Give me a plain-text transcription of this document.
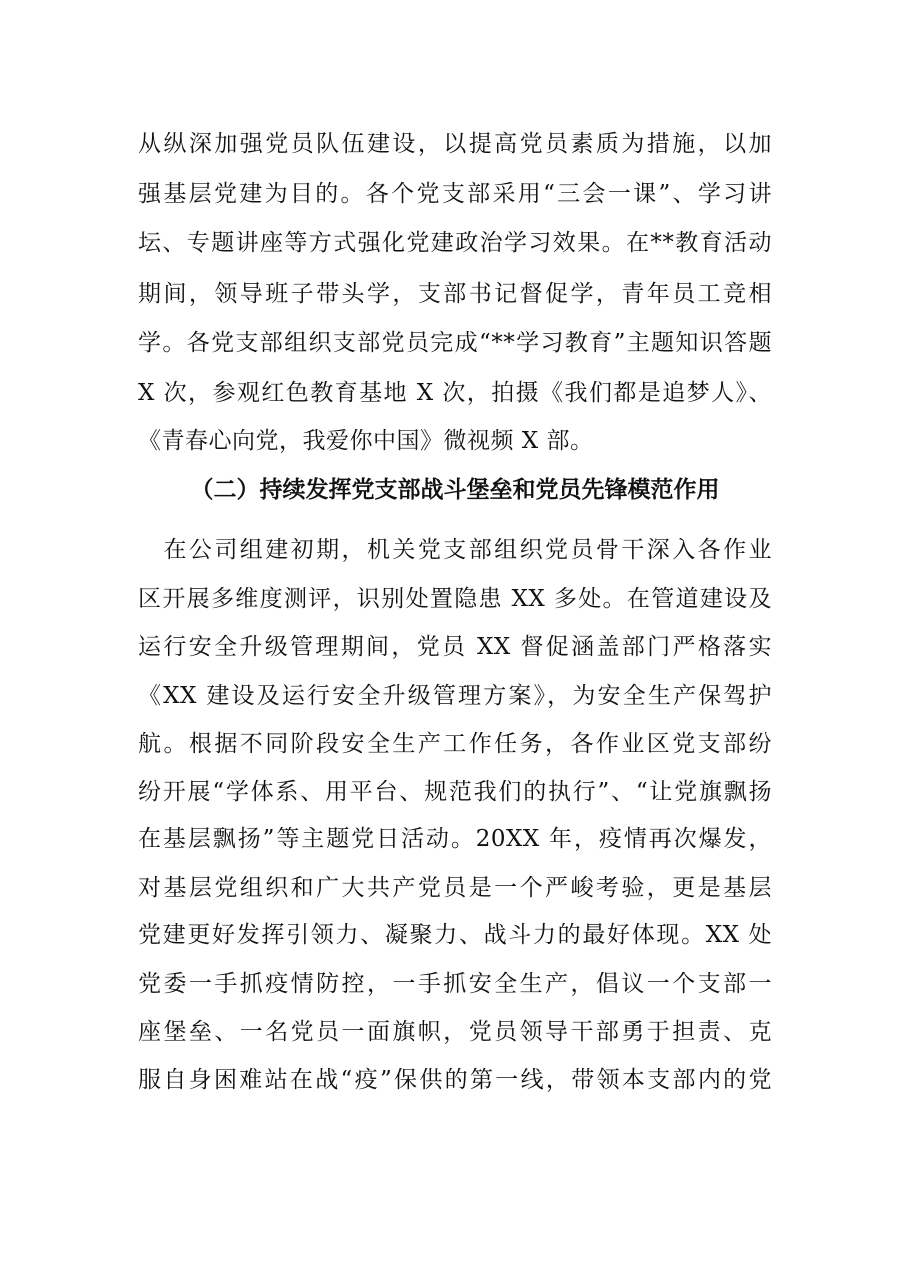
从纵深加强党员队伍建设，以提高党员素质为措施，以加
强基层党建为目的。各个党支部采用“三会一课”、学习讲
坛、专题讲座等方式强化党建政治学习效果。在**教育活动
期间，领导班子带头学，支部书记督促学，青年员工竞相
学。各党支部组织支部党员完成“**学习教育”主题知识答题
X 次，参观红色教育基地 X 次，拍摄《我们都是追梦人》、
《青春心向党，我爱你中国》微视频 X 部。
（二）持续发挥党支部战斗堡垒和党员先锋模范作用
　在公司组建初期，机关党支部组织党员骨干深入各作业
区开展多维度测评，识别处置隐患 XX 多处。在管道建设及
运行安全升级管理期间，党员 XX 督促涵盖部门严格落实
《XX 建设及运行安全升级管理方案》，为安全生产保驾护
航。根据不同阶段安全生产工作任务，各作业区党支部纷
纷开展“学体系、用平台、规范我们的执行”、“让党旗飘扬
在基层飘扬”等主题党日活动。20XX 年，疫情再次爆发，
对基层党组织和广大共产党员是一个严峻考验，更是基层
党建更好发挥引领力、凝聚力、战斗力的最好体现。XX 处
党委一手抓疫情防控，一手抓安全生产，倡议一个支部一
座堡垒、一名党员一面旗帜，党员领导干部勇于担责、克
服自身困难站在战“疫”保供的第一线，带领本支部内的党
